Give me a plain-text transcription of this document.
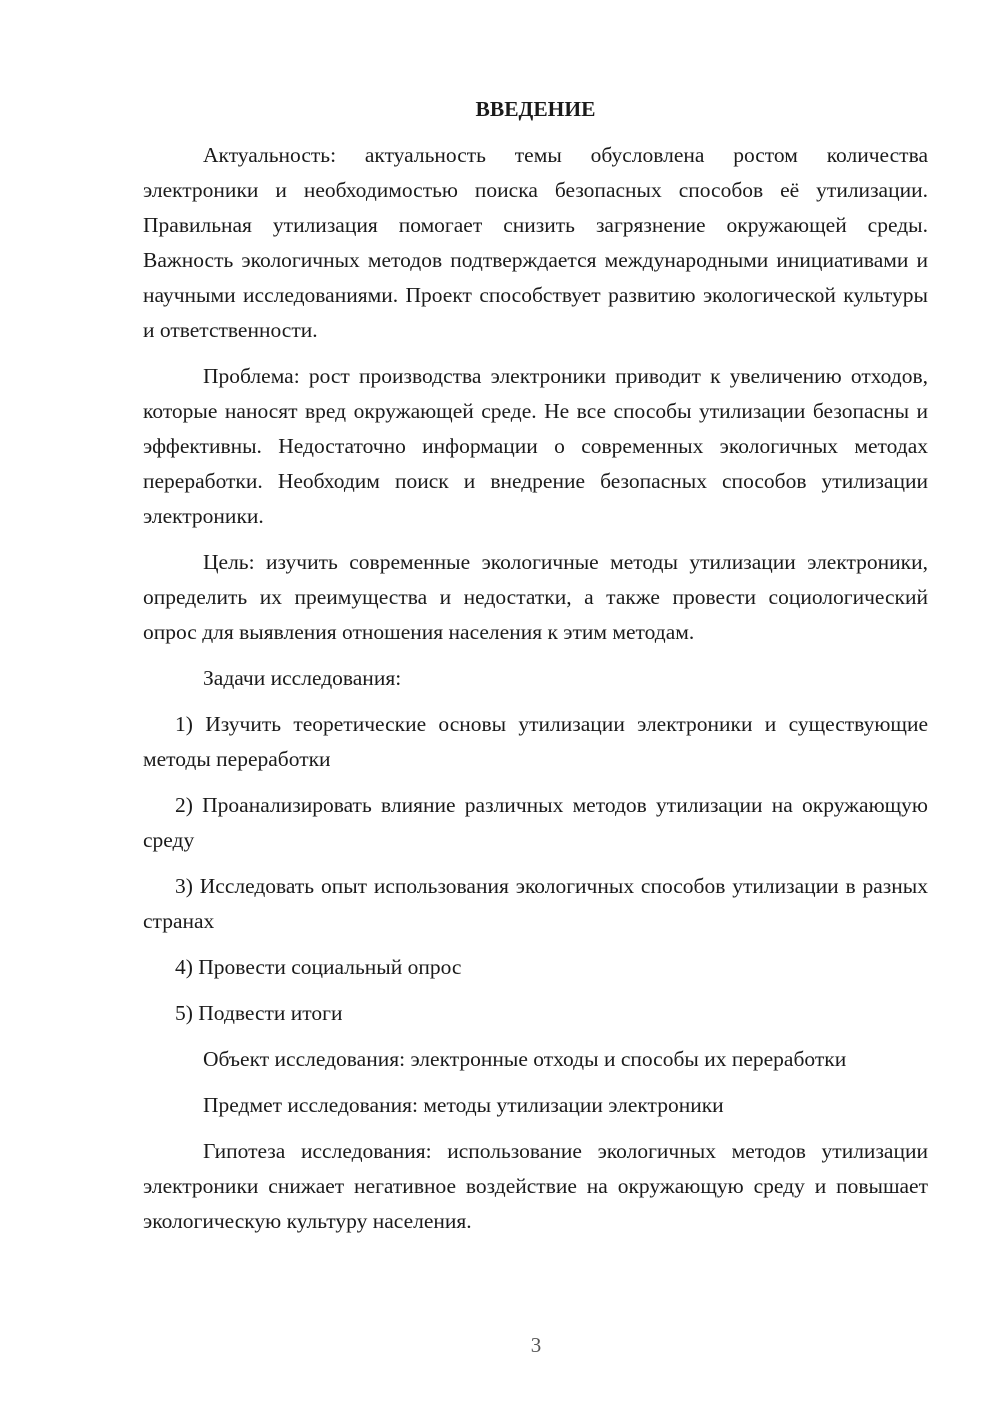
ВВЕДЕНИЕ

Актуальность: актуальность темы обусловлена ростом количества электроники и необходимостью поиска безопасных способов её утилизации. Правильная утилизация помогает снизить загрязнение окружающей среды. Важность экологичных методов подтверждается международными инициативами и научными исследованиями. Проект способствует развитию экологической культуры и ответственности.

Проблема: рост производства электроники приводит к увеличению отходов, которые наносят вред окружающей среде. Не все способы утилизации безопасны и эффективны. Недостаточно информации о современных экологичных методах переработки. Необходим поиск и внедрение безопасных способов утилизации электроники.

Цель: изучить современные экологичные методы утилизации электроники, определить их преимущества и недостатки, а также провести социологический опрос для выявления отношения населения к этим методам.

Задачи исследования:

1) Изучить теоретические основы утилизации электроники и существующие методы переработки

2) Проанализировать влияние различных методов утилизации на окружающую среду

3) Исследовать опыт использования экологичных способов утилизации в разных странах

4) Провести социальный опрос

5) Подвести итоги

Объект исследования: электронные отходы и способы их переработки

Предмет исследования: методы утилизации электроники

Гипотеза исследования: использование экологичных методов утилизации электроники снижает негативное воздействие на окружающую среду и повышает экологическую культуру населения.

3
